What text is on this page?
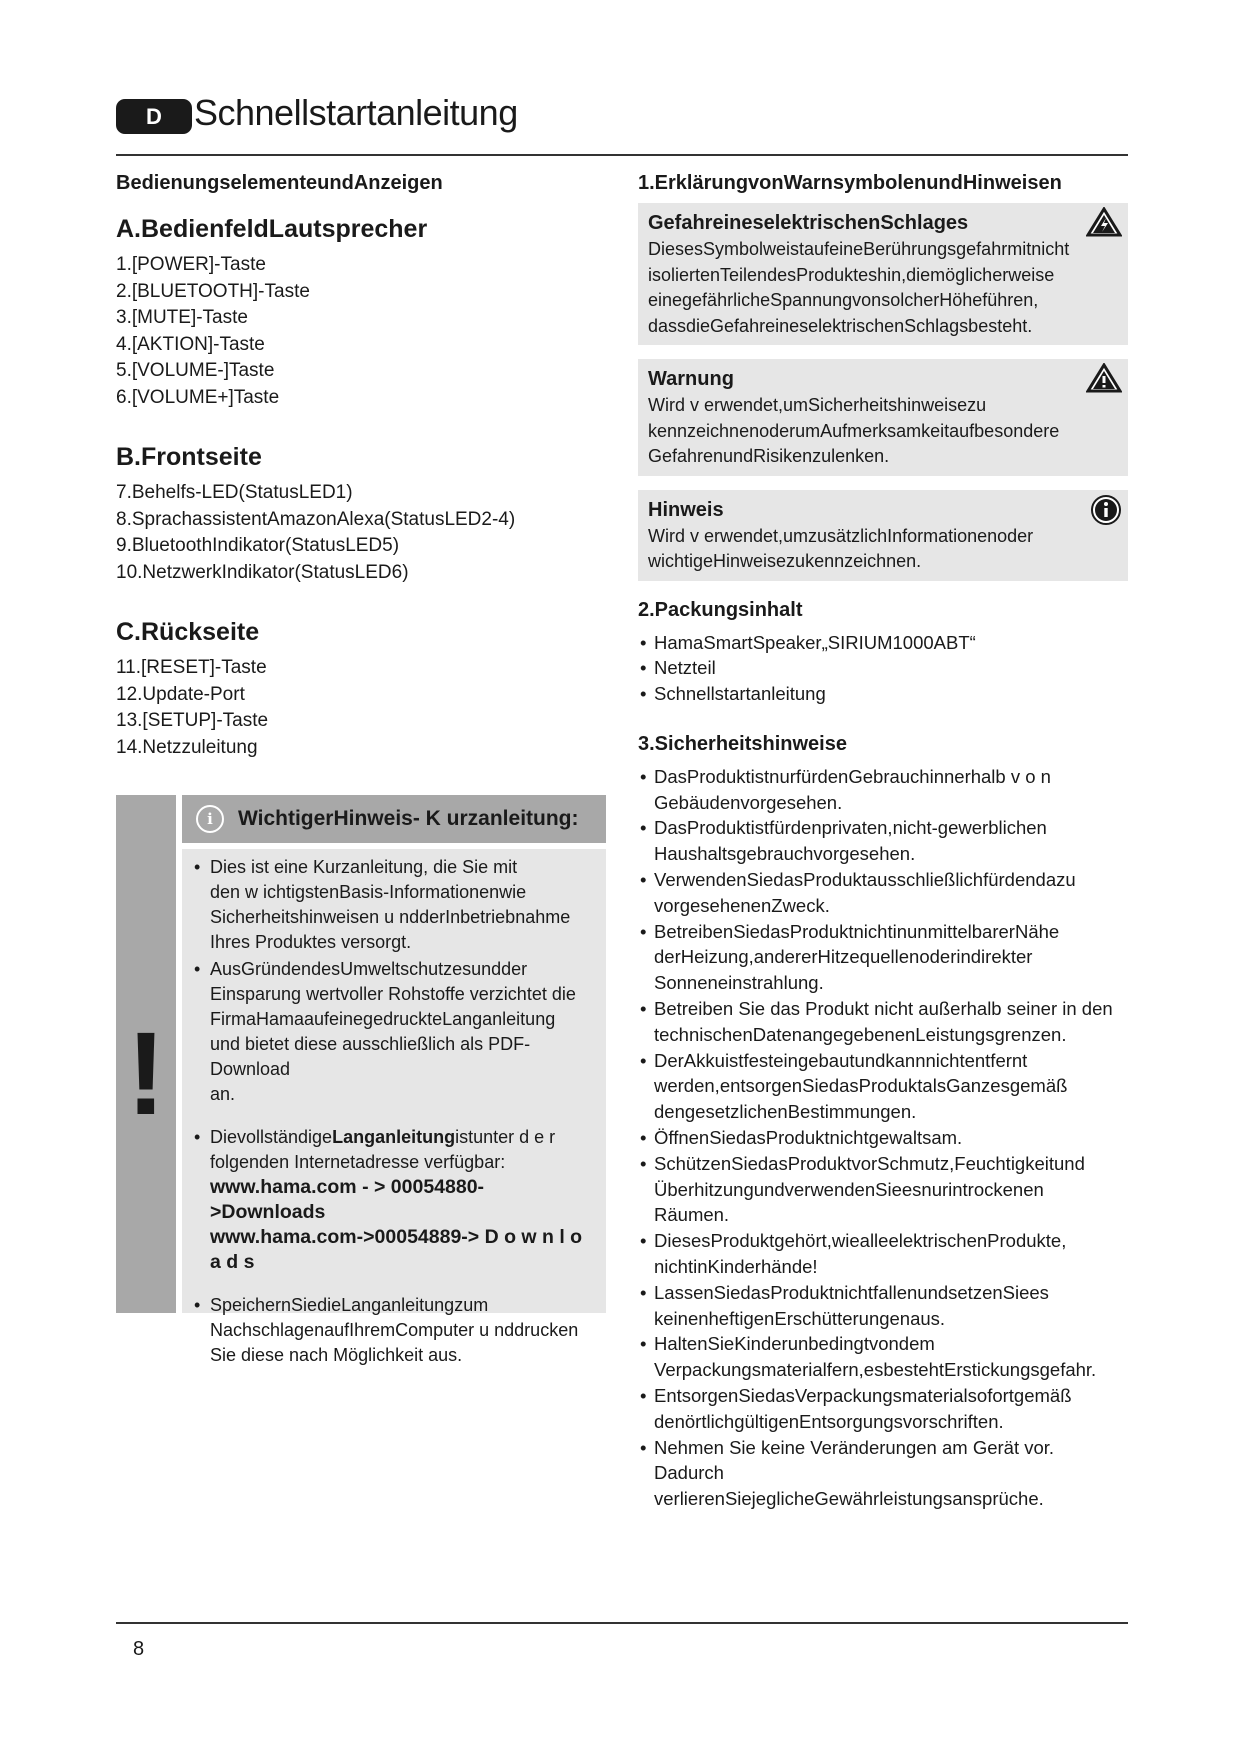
D Schnellstartanleitung
BedienungselementeundAnzeigen
A.BedienfeldLautsprecher
1.[POWER]-Taste
2.[BLUETOOTH]-Taste
3.[MUTE]-Taste
4.[AKTION]-Taste
5.[VOLUME-]Taste
6.[VOLUME+]Taste
B.Frontseite
7.Behelfs-LED(StatusLED1)
8.SprachassistentAmazonAlexa(StatusLED2-4)
9.BluetoothIndikator(StatusLED5)
10.NetzwerkIndikator(StatusLED6)
C.Rückseite
11.[RESET]-Taste
12.Update-Port
13.[SETUP]-Taste
14.Netzzuleitung
!
i	WichtigerHinweis- K urzanleitung:
• Dies ist eine Kurzanleitung, die Sie mit
den w ichtigstenBasis-Informationenwie
Sicherheitshinweisen u ndderInbetriebnahme
Ihres Produktes versorgt.
• AusGründendesUmweltschutzesundder
Einsparung wertvoller Rohstoffe verzichtet die
FirmaHamaaufeinegedruckteLanganleitung
und bietet diese ausschließlich als PDF-Download
an.
• DievollständigeLanganleitungistunter d e r
folgenden Internetadresse verfügbar:
www.hama.com - > 00054880->Downloads
www.hama.com->00054889-> D o w n l o a d s
• SpeichernSiedieLanganleitungzum
NachschlagenaufIhremComputer u nddrucken
Sie diese nach Möglichkeit aus.
1.ErklärungvonWarnsymbolenundHinweisen
GefahreineselektrischenSchlages
DiesesSymbolweistaufeineBerührungsgefahrmitnicht
isoliertenTeilendesProdukteshin,diemöglicherweise
einegefährlicheSpannungvonsolcherHöheführen,
dassdieGefahreineselektrischenSchlagsbesteht.
Warnung
Wird v erwendet,umSicherheitshinweisezu
kennzeichnenoderumAufmerksamkeitaufbesondere
GefahrenundRisikenzulenken.
Hinweis
Wird v erwendet,umzusätzlichInformationenoder
wichtigeHinweisezukennzeichnen.
2.Packungsinhalt
• HamaSmartSpeaker„SIRIUM1000ABT“
• Netzteil
• Schnellstartanleitung
3.Sicherheitshinweise
• DasProduktistnurfürdenGebrauchinnerhalb v o n
Gebäudenvorgesehen.
• DasProduktistfürdenprivaten,nicht-gewerblichen
Haushaltsgebrauchvorgesehen.
• VerwendenSiedasProduktausschließlichfürdendazu
vorgesehenenZweck.
• BetreibenSiedasProduktnichtinunmittelbarerNähe
derHeizung,andererHitzequellenoderindirekter
Sonneneinstrahlung.
• Betreiben Sie das Produkt nicht außerhalb seiner in den
technischenDatenangegebenenLeistungsgrenzen.
• DerAkkuistfesteingebautundkannnichtentfernt
werden,entsorgenSiedasProduktalsGanzesgemäß
dengesetzlichenBestimmungen.
• ÖffnenSiedasProduktnichtgewaltsam.
• SchützenSiedasProduktvorSchmutz,Feuchtigkeitund
ÜberhitzungundverwendenSieesnurintrockenen
Räumen.
• DiesesProduktgehört,wiealleelektrischenProdukte,
nichtinKinderhände!
• LassenSiedasProduktnichtfallenundsetzenSiees
keinenheftigenErschütterungenaus.
• HaltenSieKinderunbedingtvondem
Verpackungsmaterialfern,esbestehtErstickungsgefahr.
• EntsorgenSiedasVerpackungsmaterialsofortgemäß
denörtlichgültigenEntsorgungsvorschriften.
• Nehmen Sie keine Veränderungen am Gerät vor. Dadurch
verlierenSiejeglicheGewährleistungsansprüche.
8
